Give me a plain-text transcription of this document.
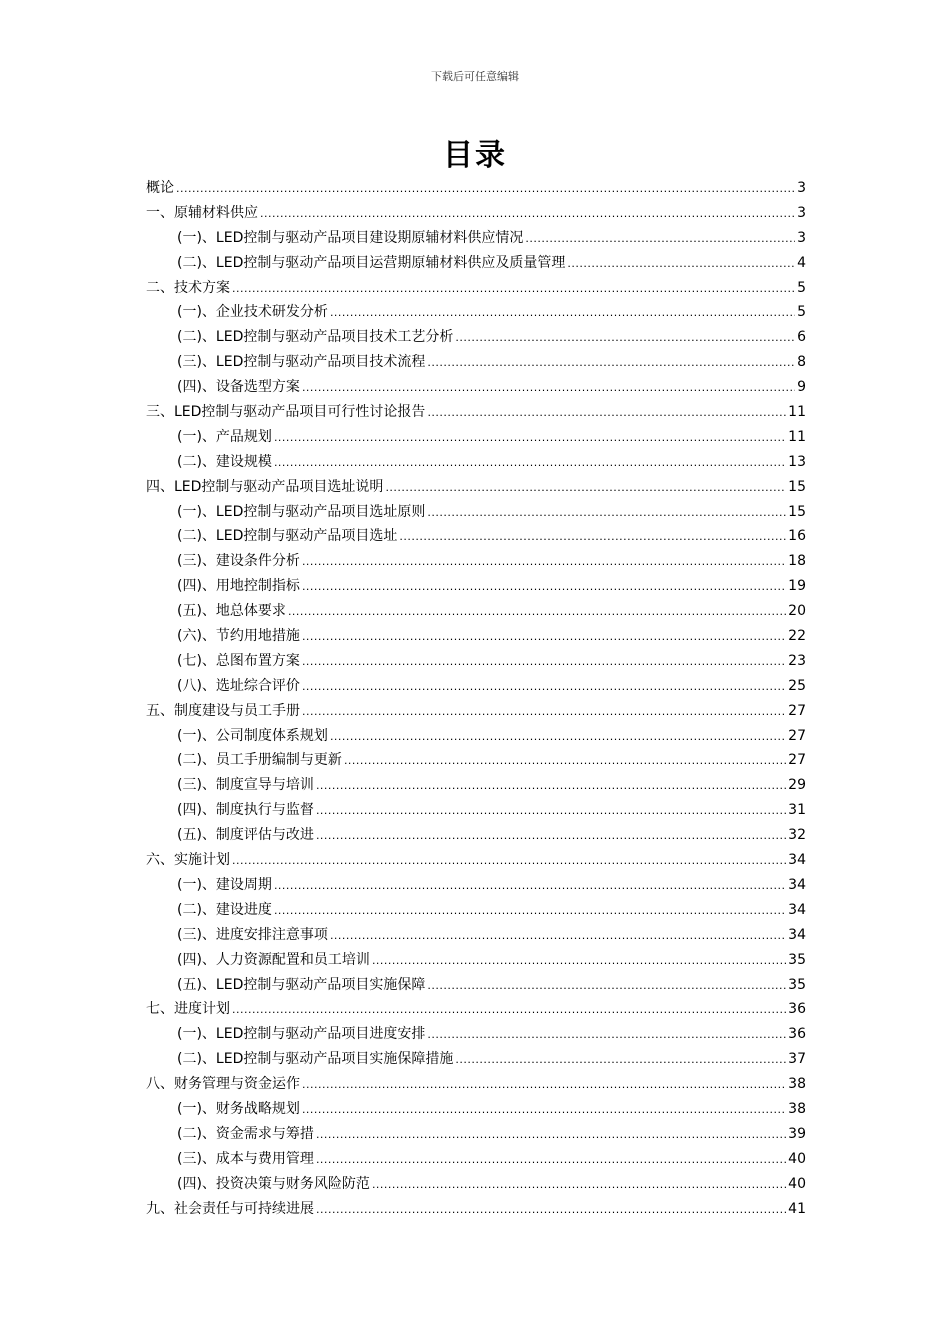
下载后可任意编辑
目录
概论 .....	3
一、原辅材料供应 .....	3
(一)、LED控制与驱动产品项目建设期原辅材料供应情况 .....	3
(二)、LED控制与驱动产品项目运营期原辅材料供应及质量管理 .....	4
二、技术方案 .....	5
(一)、企业技术研发分析 .....	5
(二)、LED控制与驱动产品项目技术工艺分析 .....	6
(三)、LED控制与驱动产品项目技术流程 .....	8
(四)、设备选型方案 .....	9
三、LED控制与驱动产品项目可行性讨论报告 .....	11
(一)、产品规划 .....	11
(二)、建设规模 .....	13
四、LED控制与驱动产品项目选址说明 .....	15
(一)、LED控制与驱动产品项目选址原则 .....	15
(二)、LED控制与驱动产品项目选址 .....	16
(三)、建设条件分析 .....	18
(四)、用地控制指标 .....	19
(五)、地总体要求 .....	20
(六)、节约用地措施 .....	22
(七)、总图布置方案 .....	23
(八)、选址综合评价 .....	25
五、制度建设与员工手册 .....	27
(一)、公司制度体系规划 .....	27
(二)、员工手册编制与更新 .....	27
(三)、制度宣导与培训 .....	29
(四)、制度执行与监督 .....	31
(五)、制度评估与改进 .....	32
六、实施计划 .....	34
(一)、建设周期 .....	34
(二)、建设进度 .....	34
(三)、进度安排注意事项 .....	34
(四)、人力资源配置和员工培训 .....	35
(五)、LED控制与驱动产品项目实施保障 .....	35
七、进度计划 .....	36
(一)、LED控制与驱动产品项目进度安排 .....	36
(二)、LED控制与驱动产品项目实施保障措施 .....	37
八、财务管理与资金运作 .....	38
(一)、财务战略规划 .....	38
(二)、资金需求与筹措 .....	39
(三)、成本与费用管理 .....	40
(四)、投资决策与财务风险防范 .....	40
九、社会责任与可持续进展 .....	41
